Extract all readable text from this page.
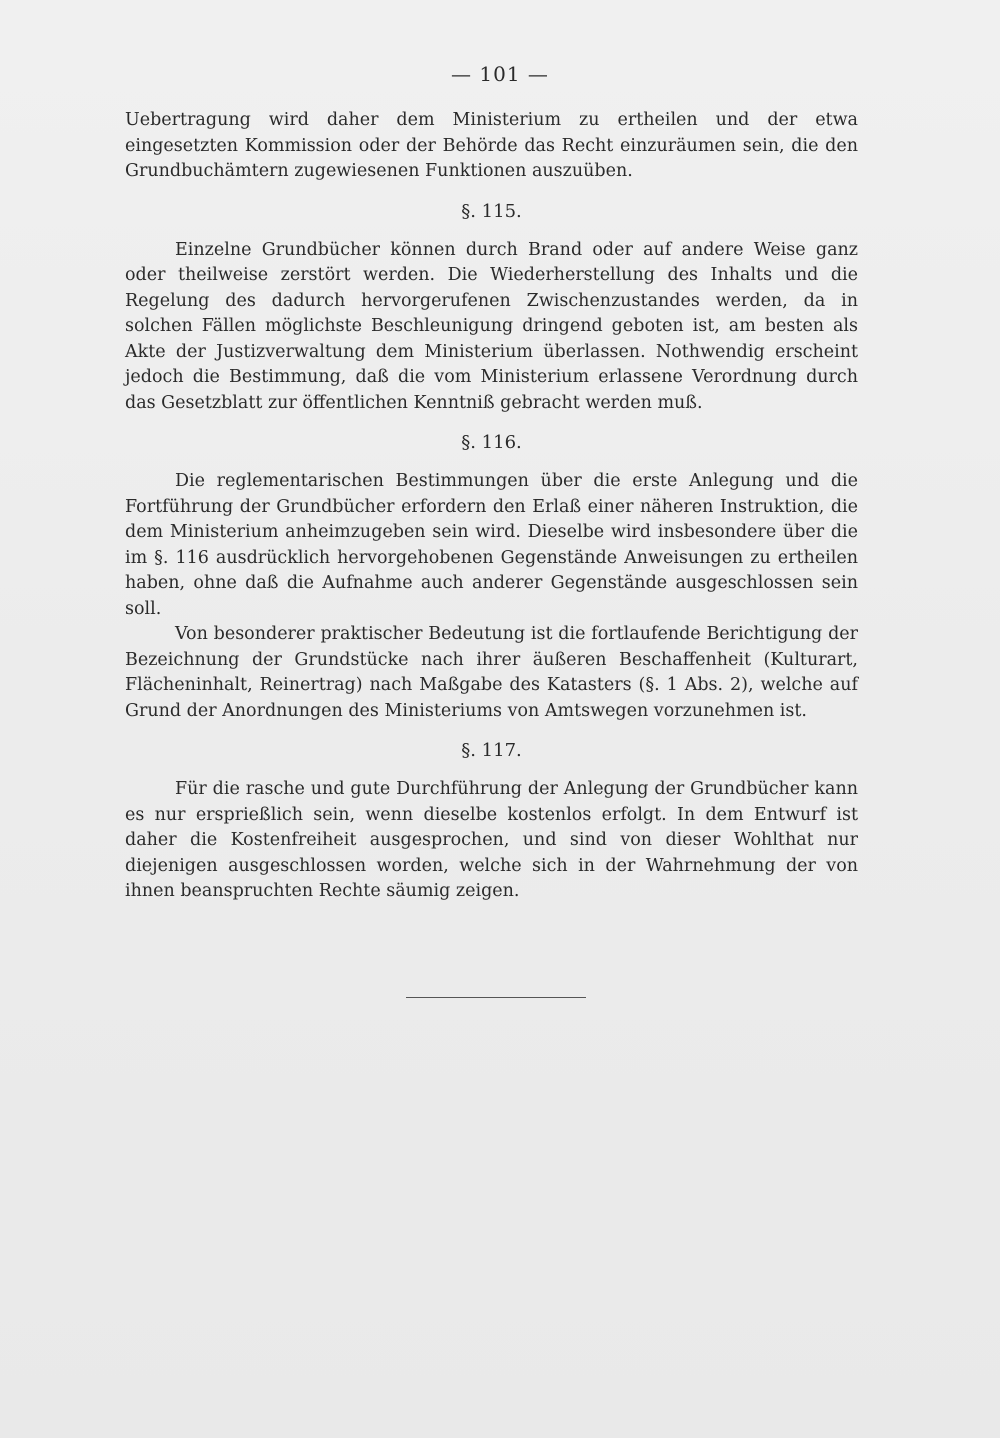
— 101 —

Uebertragung wird daher dem Ministerium zu ertheilen und der etwa eingesetzten Kommission oder der Behörde das Recht einzuräumen sein, die den Grundbuchämtern zugewiesenen Funktionen auszuüben.

§. 115.

Einzelne Grundbücher können durch Brand oder auf andere Weise ganz oder theilweise zerstört werden. Die Wiederherstellung des Inhalts und die Regelung des dadurch hervorgerufenen Zwischenzustandes werden, da in solchen Fällen möglichste Beschleunigung dringend geboten ist, am besten als Akte der Justizverwaltung dem Ministerium überlassen. Nothwendig erscheint jedoch die Bestimmung, daß die vom Ministerium erlassene Verordnung durch das Gesetzblatt zur öffentlichen Kenntniß gebracht werden muß.

§. 116.

Die reglementarischen Bestimmungen über die erste Anlegung und die Fortführung der Grundbücher erfordern den Erlaß einer näheren Instruktion, die dem Ministerium anheimzugeben sein wird. Dieselbe wird insbesondere über die im §. 116 ausdrücklich hervorgehobenen Gegenstände Anweisungen zu ertheilen haben, ohne daß die Aufnahme auch anderer Gegenstände ausgeschlossen sein soll.

Von besonderer praktischer Bedeutung ist die fortlaufende Berichtigung der Bezeichnung der Grundstücke nach ihrer äußeren Beschaffenheit (Kulturart, Flächeninhalt, Reinertrag) nach Maßgabe des Katasters (§. 1 Abs. 2), welche auf Grund der Anordnungen des Ministeriums von Amtswegen vorzunehmen ist.

§. 117.

Für die rasche und gute Durchführung der Anlegung der Grundbücher kann es nur ersprießlich sein, wenn dieselbe kostenlos erfolgt. In dem Entwurf ist daher die Kostenfreiheit ausgesprochen, und sind von dieser Wohlthat nur diejenigen ausgeschlossen worden, welche sich in der Wahrnehmung der von ihnen beanspruchten Rechte säumig zeigen.
